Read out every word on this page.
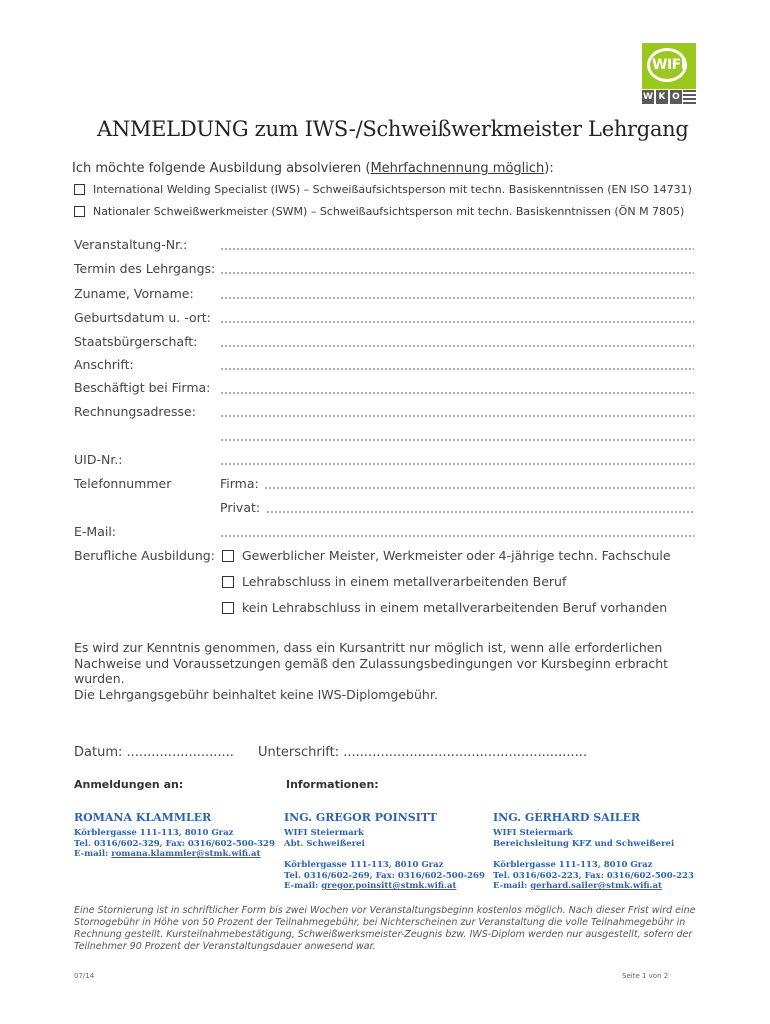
WIFI
W K O
ANMELDUNG zum IWS-/Schweißwerkmeister Lehrgang
Ich möchte folgende Ausbildung absolvieren (Mehrfachnennung möglich):
International Welding Specialist (IWS) – Schweißaufsichtsperson mit techn. Basiskenntnissen (EN ISO 14731)
Nationaler Schweißwerkmeister (SWM) – Schweißaufsichtsperson mit techn. Basiskenntnissen (ÖN M 7805)
Veranstaltung-Nr.:
Termin des Lehrgangs:
Zuname, Vorname:
Geburtsdatum u. -ort:
Staatsbürgerschaft:
Anschrift:
Beschäftigt bei Firma:
Rechnungsadresse:
UID-Nr.:
Telefonnummer	Firma:
Privat:
E-Mail:
Berufliche Ausbildung: Gewerblicher Meister, Werkmeister oder 4-jährige techn. Fachschule
Lehrabschluss in einem metallverarbeitenden Beruf
kein Lehrabschluss in einem metallverarbeitenden Beruf vorhanden
Es wird zur Kenntnis genommen, dass ein Kursantritt nur möglich ist, wenn alle erforderlichen
Nachweise und Voraussetzungen gemäß den Zulassungsbedingungen vor Kursbeginn erbracht wurden.
Die Lehrgangsgebühr beinhaltet keine IWS-Diplomgebühr.
Datum: .......................... Unterschrift: ...........................................................
Anmeldungen an:	Informationen:
ROMANA KLAMMLER
Körblergasse 111-113, 8010 Graz
Tel. 0316/602-329, Fax: 0316/602-500-329
E-mail: romana.klammler@stmk.wifi.at
ING. GREGOR POINSITT
WIFI Steiermark
Abt. Schweißerei
Körblergasse 111-113, 8010 Graz
Tel. 0316/602-269, Fax: 0316/602-500-269
E-mail: gregor.poinsitt@stmk.wifi.at
ING. GERHARD SAILER
WIFI Steiermark
Bereichsleitung KFZ und Schweißerei
Körblergasse 111-113, 8010 Graz
Tel. 0316/602-223, Fax: 0316/602-500-223
E-mail: gerhard.sailer@stmk.wifi.at
Eine Stornierung ist in schriftlicher Form bis zwei Wochen vor Veranstaltungsbeginn kostenlos möglich. Nach dieser Frist wird eine
Stornogebühr in Höhe von 50 Prozent der Teilnahmegebühr, bei Nichterscheinen zur Veranstaltung die volle Teilnahmegebühr in
Rechnung gestellt. Kursteilnahmebestätigung, Schweißwerksmeister-Zeugnis bzw. IWS-Diplom werden nur ausgestellt, sofern der
Teilnehmer 90 Prozent der Veranstaltungsdauer anwesend war.
07/14	Seite 1 von 2
